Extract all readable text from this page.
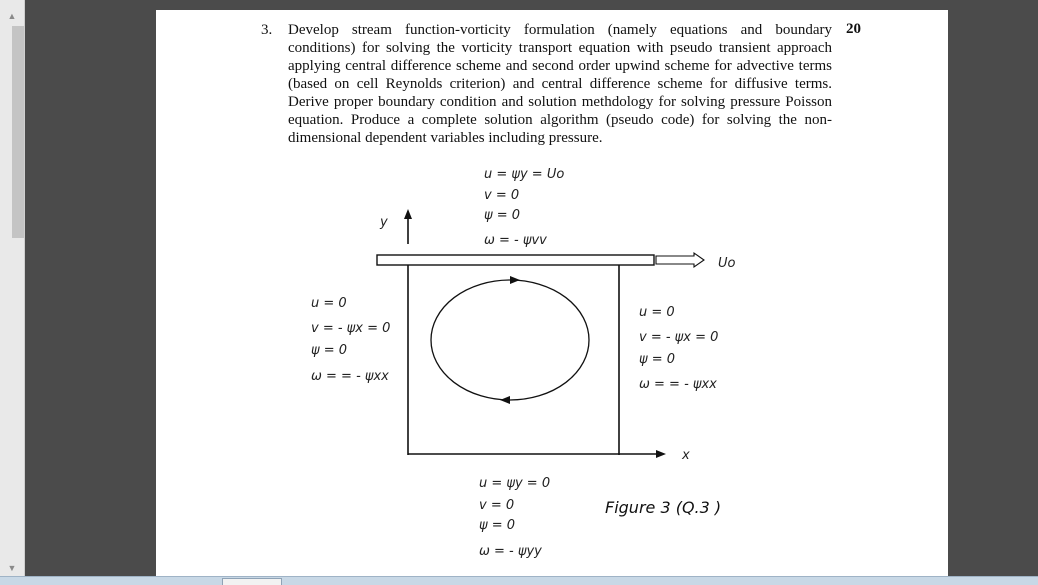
▲
▼
3.	20
Develop stream function-vorticity formulation (namely equations and boundary
conditions) for solving the vorticity transport equation with pseudo transient approach
applying central difference scheme and second order upwind scheme for advective terms
(based on cell Reynolds criterion) and central difference scheme for diffusive terms.
Derive proper boundary condition and solution methdology for solving pressure Poisson
equation. Produce a complete solution algorithm (pseudo code) for solving the non-
dimensional dependent variables including pressure.
u = ψy = Uo
v = 0
ψ = 0
ω = - ψvv
y
Uo
x
u = 0
v = - ψx = 0
ψ = 0
ω = = - ψxx
u = 0
v = - ψx = 0
ψ = 0
ω = = - ψxx
u = ψy = 0
v = 0
ψ = 0
ω = - ψyy
Figure 3 (Q.3 )
